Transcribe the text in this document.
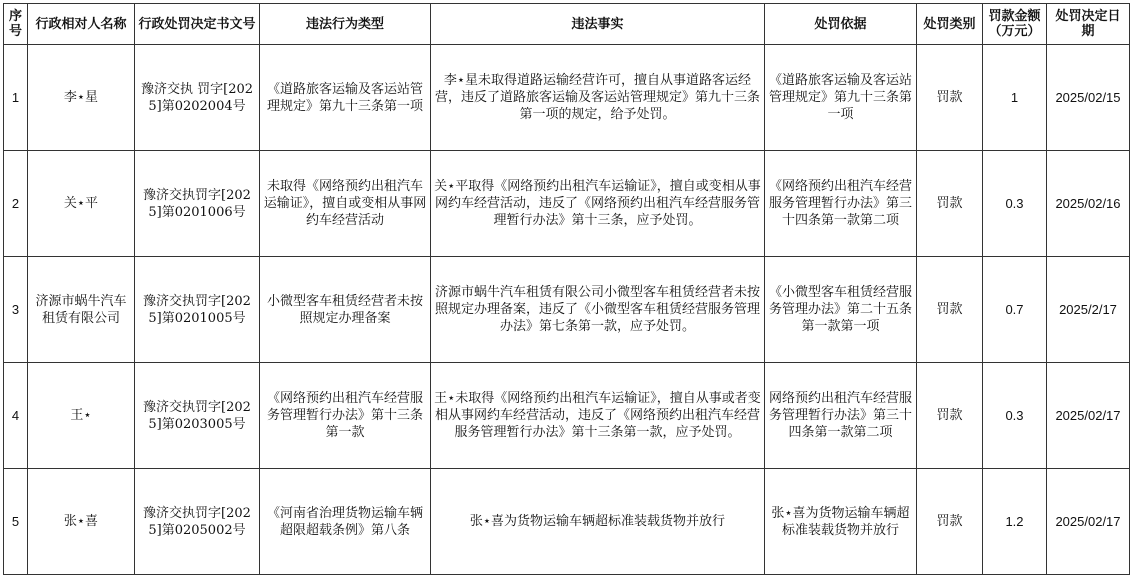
序号	行政相对人名称	行政处罚决定书文号	违法行为类型	违法事实	处罚依据	处罚类别	罚款金额（万元）	处罚决定日期
1	李⋆星	豫济交执 罚字[2025]第0202004号	《道路旅客运输及客运站管理规定》第九十三条第一项	李⋆星未取得道路运输经营许可，擅自从事道路客运经营，违反了道路旅客运输及客运站管理规定》第九十三条第一项的规定，给予处罚。	《道路旅客运输及客运站管理规定》第九十三条第一项	罚款	1	2025/02/15
2	关⋆平	豫济交执罚字[2025]第0201006号	未取得《网络预约出租汽车运输证》，擅自或变相从事网约车经营活动	关⋆平取得《网络预约出租汽车运输证》，擅自或变相从事网约车经营活动，违反了《网络预约出租汽车经营服务管理暂行办法》第十三条，应予处罚。	《网络预约出租汽车经营服务管理暂行办法》第三十四条第一款第二项	罚款	0.3	2025/02/16
3	济源市蜗牛汽车租赁有限公司	豫济交执罚字[2025]第0201005号	小微型客车租赁经营者未按照规定办理备案	济源市蜗牛汽车租赁有限公司小微型客车租赁经营者未按照规定办理备案，违反了《小微型客车租赁经营服务管理办法》第七条第一款，应予处罚。	《小微型客车租赁经营服务管理办法》第二十五条第一款第一项	罚款	0.7	2025/2/17
4	王⋆	豫济交执罚字[2025]第0203005号	《网络预约出租汽车经营服务管理暂行办法》第十三条第一款	王⋆未取得《网络预约出租汽车运输证》，擅自从事或者变相从事网约车经营活动，违反了《网络预约出租汽车经营服务管理暂行办法》第十三条第一款，应予处罚。	网络预约出租汽车经营服务管理暂行办法》第三十四条第一款第二项	罚款	0.3	2025/02/17
5	张⋆喜	豫济交执罚字[2025]第0205002号	《河南省治理货物运输车辆超限超载条例》第八条	张⋆喜为货物运输车辆超标准装载货物并放行	张⋆喜为货物运输车辆超标准装载货物并放行	罚款	1.2	2025/02/17
